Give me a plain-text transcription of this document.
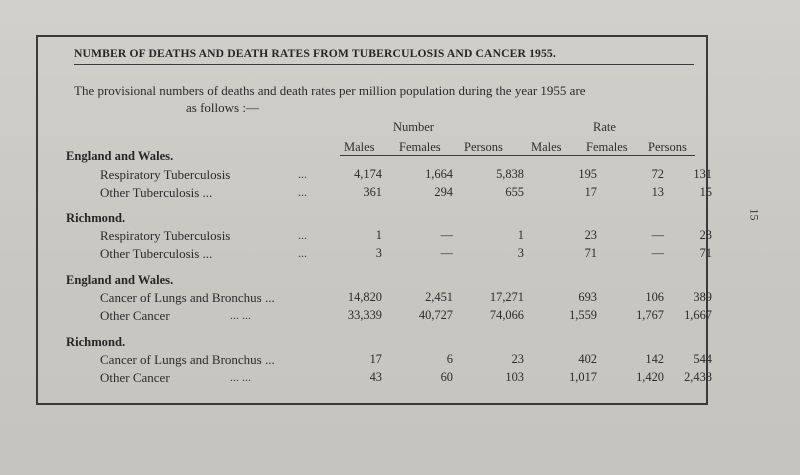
NUMBER OF DEATHS AND DEATH RATES FROM TUBERCULOSIS AND CANCER 1955.
The provisional numbers of deaths and death rates per million population during the year 1955 are
as follows :—
Number	Rate
Males Females Persons Males Females Persons
England and Wales.
Respiratory Tuberculosis	...	4,174	1,664	5,838	195	72 131
Other Tuberculosis ...	...	361	294	655	17	13	15
Richmond.
Respiratory Tuberculosis	...	1	—	1	23	—	23
Other Tuberculosis ...	...	3	—	3	71	—	71
England and Wales.
Cancer of Lungs and Bronchus ...	14,820	2,451	17,271	693	106 389
Other Cancer	... ...	33,339	40,727	74,066	1,559	1,767 1,667
Richmond.
Cancer of Lungs and Bronchus ...	17	6	23	402	142 544
Other Cancer	... ...	43	60	103	1,017	1,420 2,438
15
